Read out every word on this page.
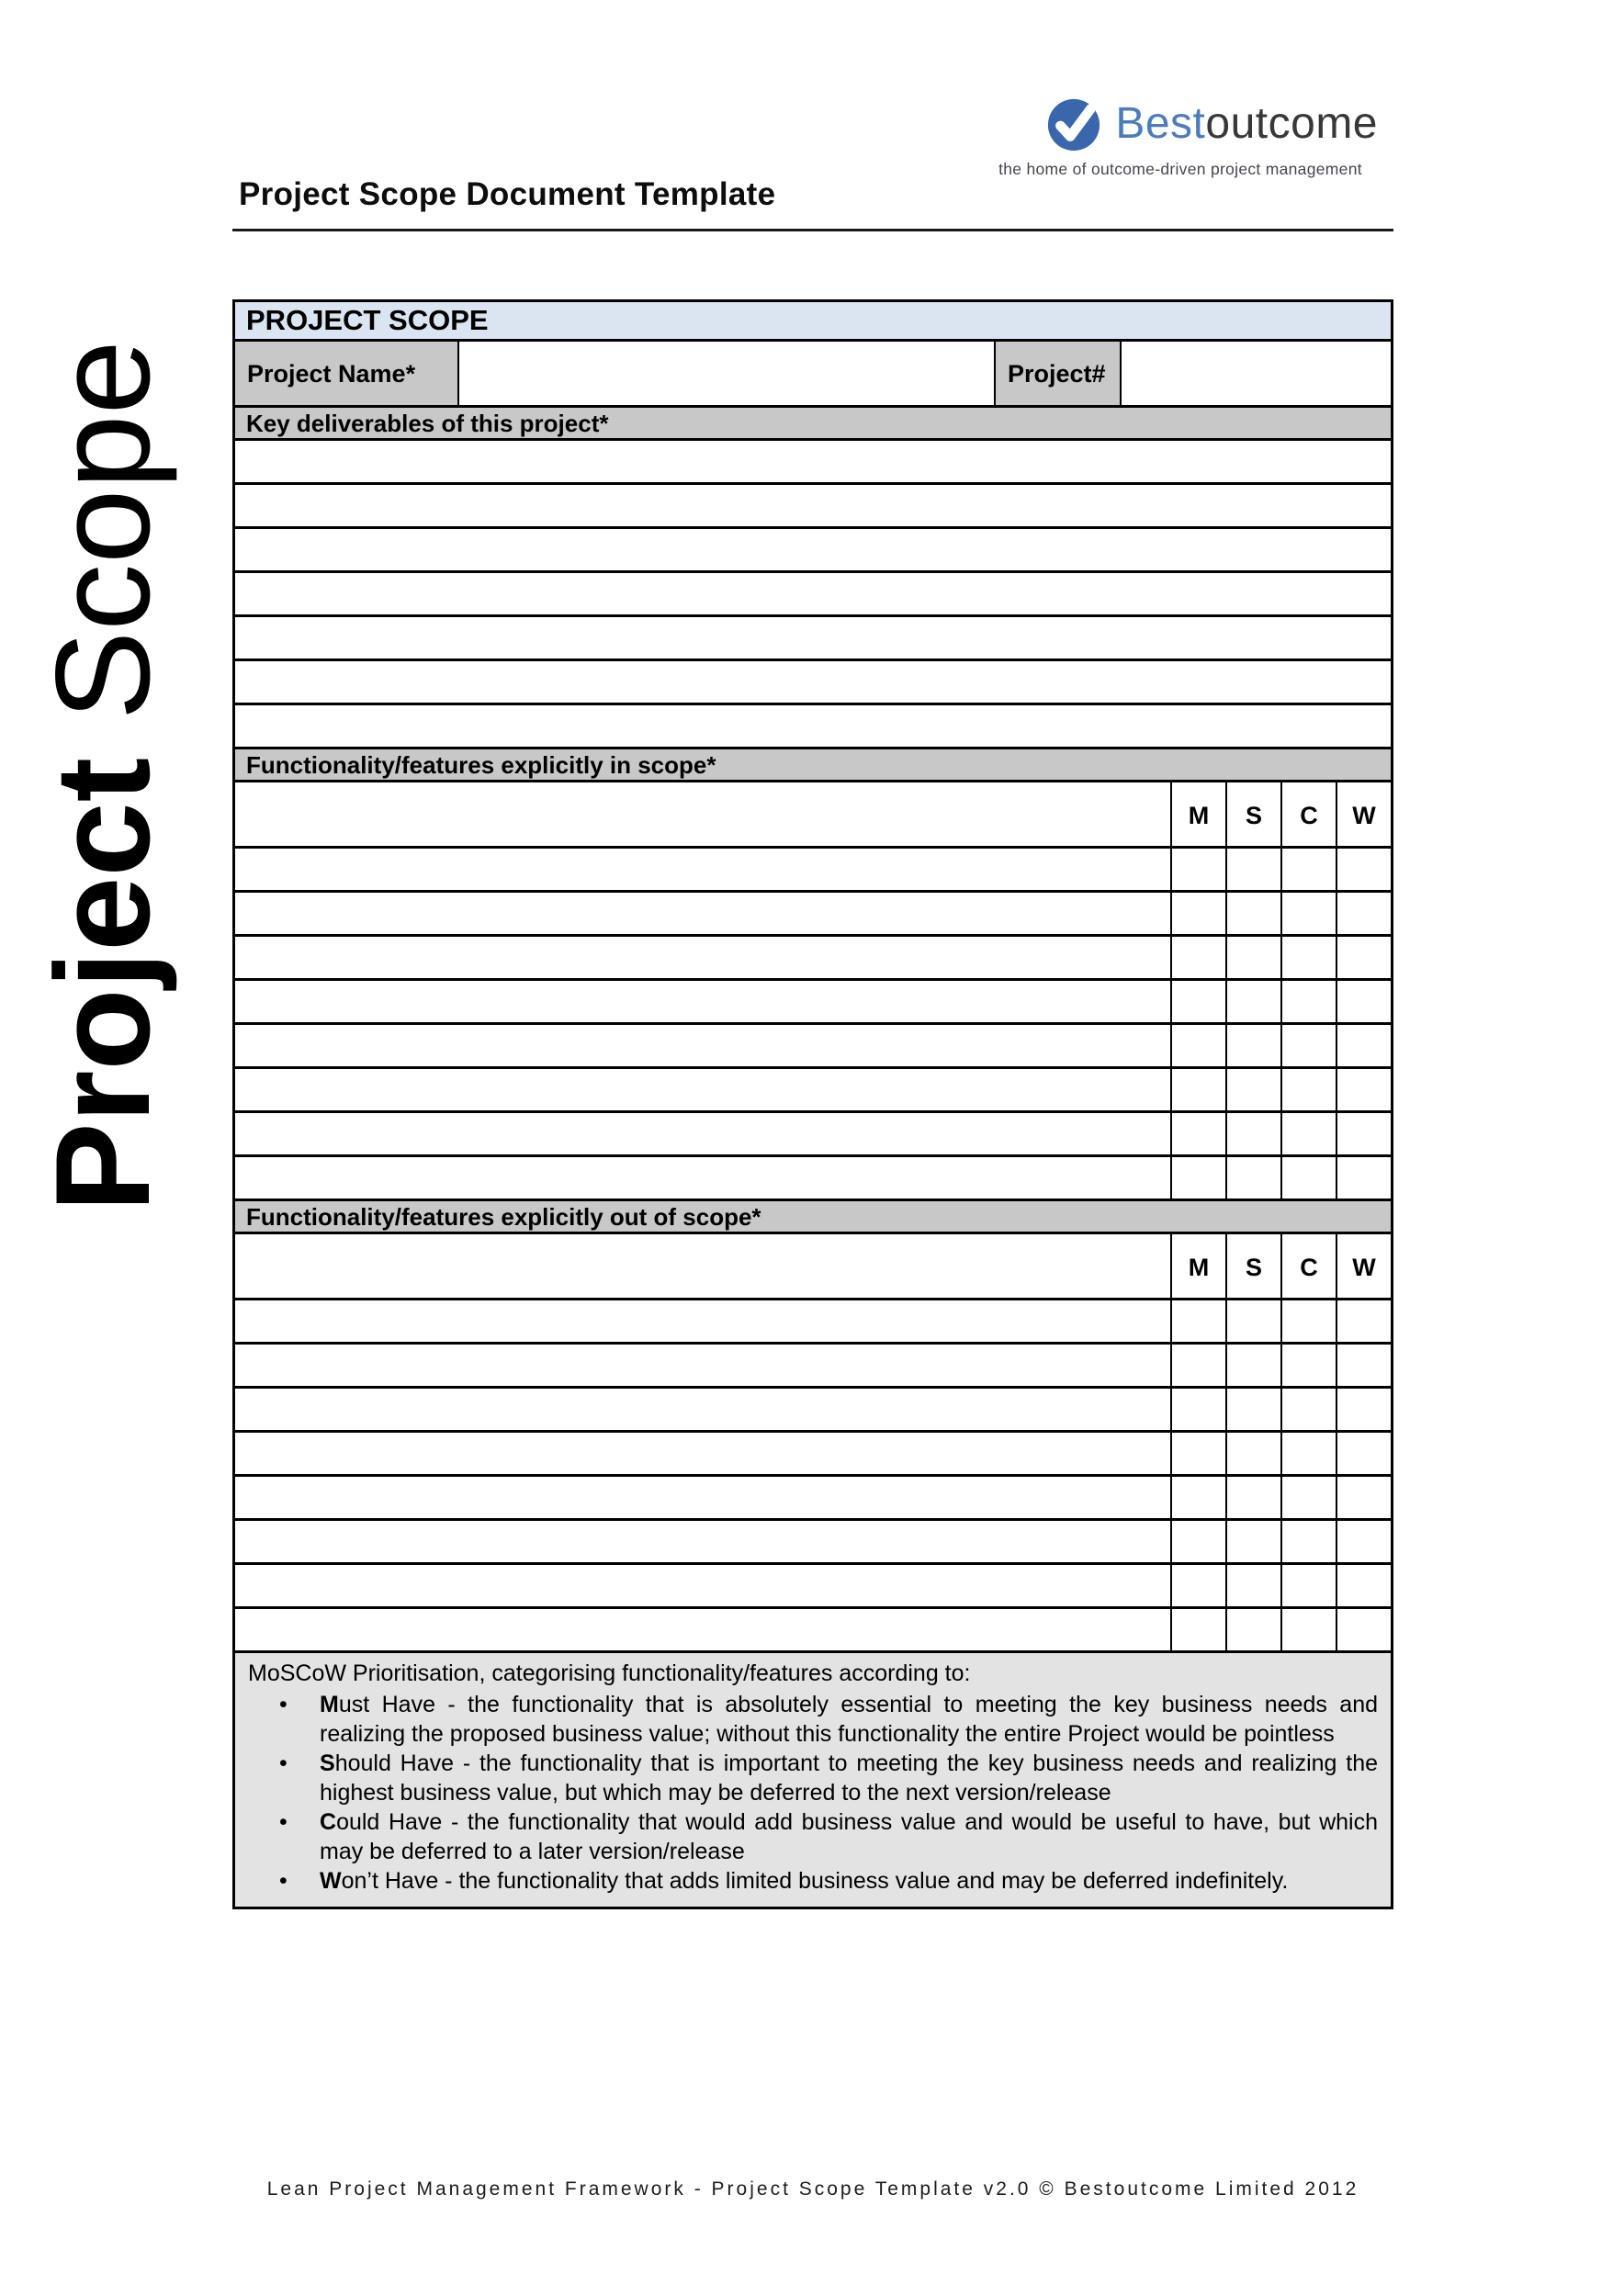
Bestoutcome
the home of outcome-driven project management
Project Scope Document Template
Project Scope
PROJECT SCOPE
Project Name*	Project#
Key deliverables of this project*
Functionality/features explicitly in scope*
M	S	C	W
Functionality/features explicitly out of scope*
M	S	C	W

MoSCoW Prioritisation, categorising functionality/features according to:

• Must Have - the functionality that is absolutely essential to meeting the key business needs and realizing the proposed business value; without this functionality the entire Project would be pointless
• Should Have - the functionality that is important to meeting the key business needs and realizing the highest business value, but which may be deferred to the next version/release
• Could Have - the functionality that would add business value and would be useful to have, but which may be deferred to a later version/release
• Won’t Have - the functionality that adds limited business value and may be deferred indefinitely.
Lean Project Management Framework - Project Scope Template v2.0 © Bestoutcome Limited 2012
